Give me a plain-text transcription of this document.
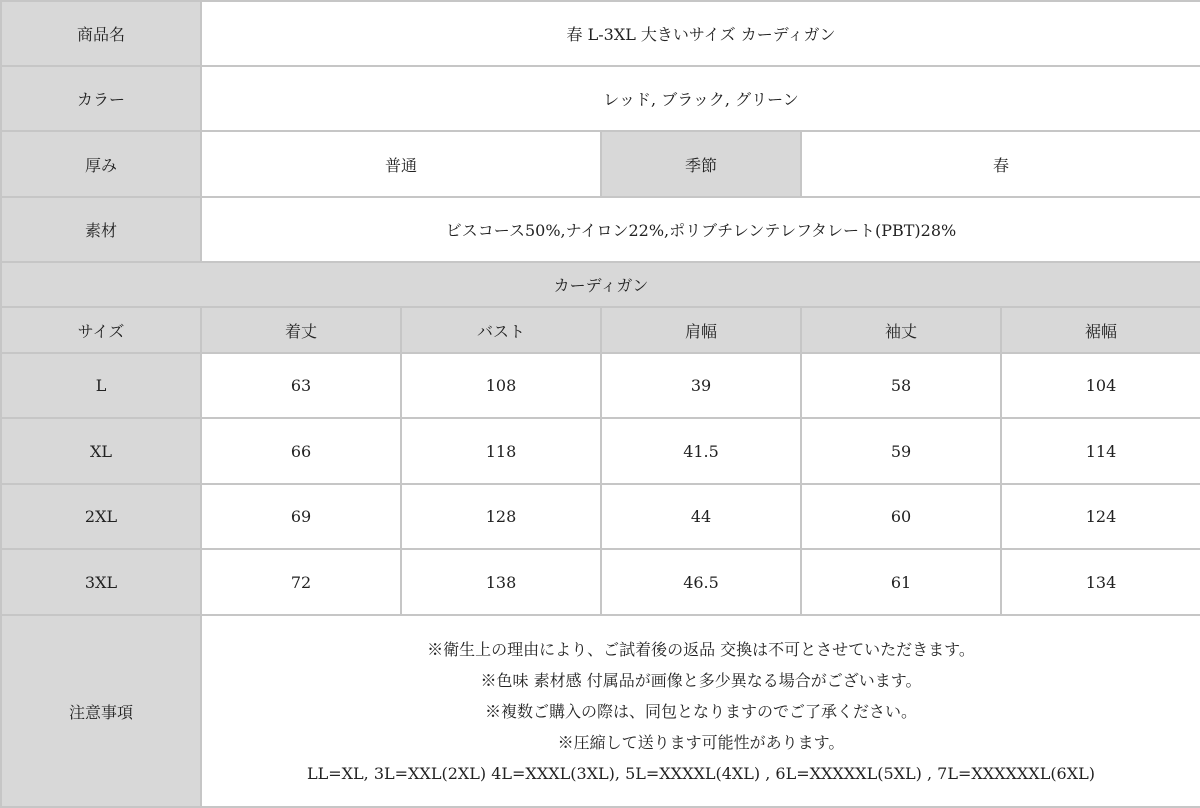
商品名	春 L-3XL 大きいサイズ カーディガン				
カラー	レッド, ブラック, グリーン				
厚み	普通		季節	春	
素材	ビスコース50%,ナイロン22%,ポリブチレンテレフタレート(PBT)28%				
カーディガン					
サイズ	着丈	バスト	肩幅	袖丈	裾幅
L	63	108	39	58	104
XL	66	118	41.5	59	114
2XL	69	128	44	60	124
3XL	72	138	46.5	61	134
注意事項	※衛生上の理由により、ご試着後の返品 交換は不可とさせていただきます。
※色味 素材感 付属品が画像と多少異なる場合がございます。
※複数ご購入の際は、同包となりますのでご了承ください。
※圧縮して送ります可能性があります。
LL=XL, 3L=XXL(2XL) 4L=XXXL(3XL), 5L=XXXXL(4XL) , 6L=XXXXXL(5XL) , 7L=XXXXXXL(6XL)				
